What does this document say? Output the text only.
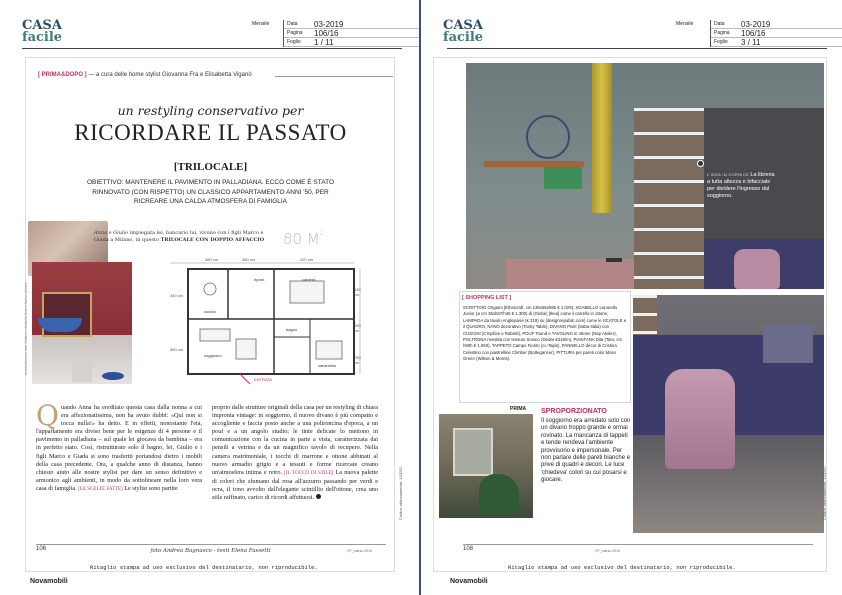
CASA
facile
Mensile	Data	03-2019
Pagina	106/16
Foglio	1 / 11
[ PRIMA&DOPO ] — a cura delle home stylist Giovanna Fra e Elisabetta Viganò
un restyling conservativo per
RICORDARE IL PASSATO
[TRILOCALE]
OBIETTIVO: MANTENERE IL PAVIMENTO IN PALLADIANA. ECCO COME È STATO RINNOVATO (CON RISPETTO) UN CLASSICO APPARTAMENTO ANNI '50, PER RICREARE UNA CALDA ATMOSFERA DI FAMIGLIA
ambientazione Ikea Galleria • Modella Sinem Salma Wanes
Anna e Giulio impiegata lei, bancario lui, vivono con i figli Marco e Giada a Milano, in questo TRILOCALE CON DOPPIO AFFACCIO	80 $M^2$
380 cm	380 cm	420 cm
340 cm
330 cm
360 cm
590 cm
250 cm
ripost.	camera
cucina
bagno
soggiorno
cameretta
ENTRATA
Quando Anna ha ereditato questa casa dalla nonna a cui era affezionatissima, non ha avuto dubbi: «Qui non si tocca nulla!» ha detto. E in effetti, nonostante l'età, l'appartamento era diviso bene per le esigenze di 4 persone e il pavimento in palladiana – sul quale lei giocava da bambina – era in perfetto stato. Così, ristrutturato solo il bagno, lei, Giulio e i figli Marco e Giada si sono trasferiti portandosi dietro i mobili della casa precedente. Ora, a qualche anno di distanza, hanno chiesto aiuto alle nostre stylist per dare un senso definitivo e armonico agli ambienti, in modo da sottolineare nella loro vera casa di famiglia. [LE SCELTE FATTE] Le stylist sono partite
proprio dalle strutture originali della casa per un restyling di chiara impronta vintage: in soggiorno, il nuovo divano è più compatto e accogliente e faccia posto anche a una poltroncina d'epoca, a un pouf e a un angolo studio; le tinte delicate lo mettono in comunicazione con la cucina in parte a vista, caratterizzata dai pensili a vetrina e da un magnifico tavolo di recupero. Nella camera matrimoniale, i tocchi di marrone e ottone abbinati al nuovo armadio grigio e a tessuti e forme ricercate creano un'atmosfera intima e retro. [IL TOCCO DI STILE] La nuova palette di colori che sfumano dal rosa all'azzurro passando per verdi e ocra, il tono avvolto dall'elegante scintillio dell'ottone, crea uno stile raffinato, carico di ricordi affettuosi.
106	foto Andrea Bagnasco - testi Elena Fassetti	CF_marzo 2019
Ritaglio stampa ad uso esclusivo del destinatario, non riproducibile.
Codice abbonamento: 143252
Novamobili
CASA
facile
Mensile	Data	03-2019
Pagina	106/16
Foglio	3 / 11
L'IDEA IN CORNICE La libreria a tutta altezza e bifacciale per dividere l'ingresso dal soggiorno.
[ SHOPPING LIST ]
SCRITTOIO Origami (Ethnicraft, cm 135x55xh85 € 1.029), SGABELLO Leporello Junior (ø cm 36xh67/h45 € 1.300) di (Globe) [Ikea] come il carrello in ottone, LAMPADA da tavolo Anglepoise (€ 219) su (designrepublic.com) come le SCATOLE e il QUADRO, NANO decorativo (Tonky Table), DIVANO Pixel (Saba Italia) con CUSCINI (C'Epifice e Rabetti), POUF Tound e TAVOLINO in ottone (Nap Atelier), POLTRONA rivestita con tessuto Sonino (Dedar €318/m), PIANTANA Dita (Tato, cm h90h € 1.060), TAPPETO Campo Fiorito (cc-Tapis), PANNELLO décor di Cristina Celestino con piastrelline Climber (Bottegancer), PITTURA per pareti color Moss Green (Wilson & Morris).
PRIMA SPROPORZIONATO
Il soggiorno era arredato solo con un divano troppo grande e ormai rovinato. La mancanza di tappeti e tende rendeva l'ambiente provvisorio e impersonale. Per non parlare delle pareti bianche e prive di quadri e decori. Le luce 'chiedeva' colori su cui posarsi e giocare.
108	CF_marzo 2019
Ritaglio stampa ad uso esclusivo del destinatario, non riproducibile.
Codice abbonamento: 143252
Novamobili
